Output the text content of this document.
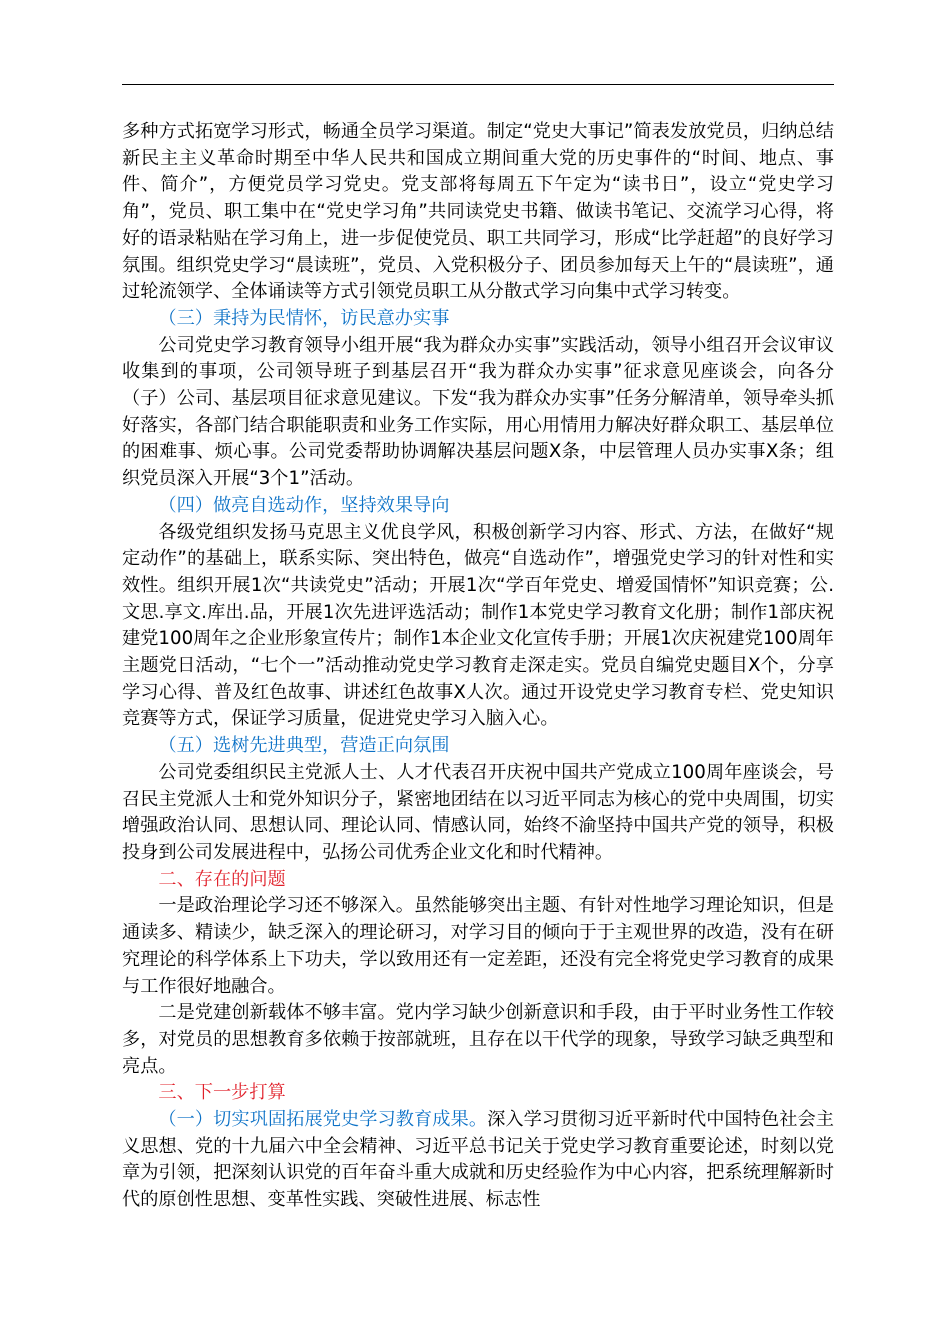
多种方式拓宽学习形式，畅通全员学习渠道。制定“党史大事记”简表发放党员，归纳总结新民主主义革命时期至中华人民共和国成立期间重大党的历史事件的“时间、地点、事件、简介”，方便党员学习党史。党支部将每周五下午定为“读书日”，设立“党史学习角”，党员、职工集中在“党史学习角”共同读党史书籍、做读书笔记、交流学习心得，将好的语录粘贴在学习角上，进一步促使党员、职工共同学习，形成“比学赶超”的良好学习氛围。组织党史学习“晨读班”，党员、入党积极分子、团员参加每天上午的“晨读班”，通过轮流领学、全体诵读等方式引领党员职工从分散式学习向集中式学习转变。

（三）秉持为民情怀，访民意办实事

公司党史学习教育领导小组开展“我为群众办实事”实践活动，领导小组召开会议审议收集到的事项，公司领导班子到基层召开“我为群众办实事”征求意见座谈会，向各分（子）公司、基层项目征求意见建议。下发“我为群众办实事”任务分解清单，领导牵头抓好落实，各部门结合职能职责和业务工作实际，用心用情用力解决好群众职工、基层单位的困难事、烦心事。公司党委帮助协调解决基层问题X条，中层管理人员办实事X条；组织党员深入开展“3个1”活动。

（四）做亮自选动作，坚持效果导向

各级党组织发扬马克思主义优良学风，积极创新学习内容、形式、方法，在做好“规定动作”的基础上，联系实际、突出特色，做亮“自选动作”，增强党史学习的针对性和实效性。组织开展1次“共读党史”活动；开展1次“学百年党史、增爱国情怀”知识竞赛；公.文思.享文.库出.品，开展1次先进评选活动；制作1本党史学习教育文化册；制作1部庆祝建党100周年之企业形象宣传片；制作1本企业文化宣传手册；开展1次庆祝建党100周年主题党日活动，“七个一”活动推动党史学习教育走深走实。党员自编党史题目X个，分享学习心得、普及红色故事、讲述红色故事X人次。通过开设党史学习教育专栏、党史知识竞赛等方式，保证学习质量，促进党史学习入脑入心。

（五）选树先进典型，营造正向氛围

公司党委组织民主党派人士、人才代表召开庆祝中国共产党成立100周年座谈会，号召民主党派人士和党外知识分子，紧密地团结在以习近平同志为核心的党中央周围，切实增强政治认同、思想认同、理论认同、情感认同，始终不渝坚持中国共产党的领导，积极投身到公司发展进程中，弘扬公司优秀企业文化和时代精神。

二、存在的问题

一是政治理论学习还不够深入。虽然能够突出主题、有针对性地学习理论知识，但是通读多、精读少，缺乏深入的理论研习，对学习目的倾向于于主观世界的改造，没有在研究理论的科学体系上下功夫，学以致用还有一定差距，还没有完全将党史学习教育的成果与工作很好地融合。

二是党建创新载体不够丰富。党内学习缺少创新意识和手段，由于平时业务性工作较多，对党员的思想教育多依赖于按部就班，且存在以干代学的现象，导致学习缺乏典型和亮点。

三、下一步打算

（一）切实巩固拓展党史学习教育成果。深入学习贯彻习近平新时代中国特色社会主义思想、党的十九届六中全会精神、习近平总书记关于党史学习教育重要论述，时刻以党章为引领，把深刻认识党的百年奋斗重大成就和历史经验作为中心内容，把系统理解新时代的原创性思想、变革性实践、突破性进展、标志性
